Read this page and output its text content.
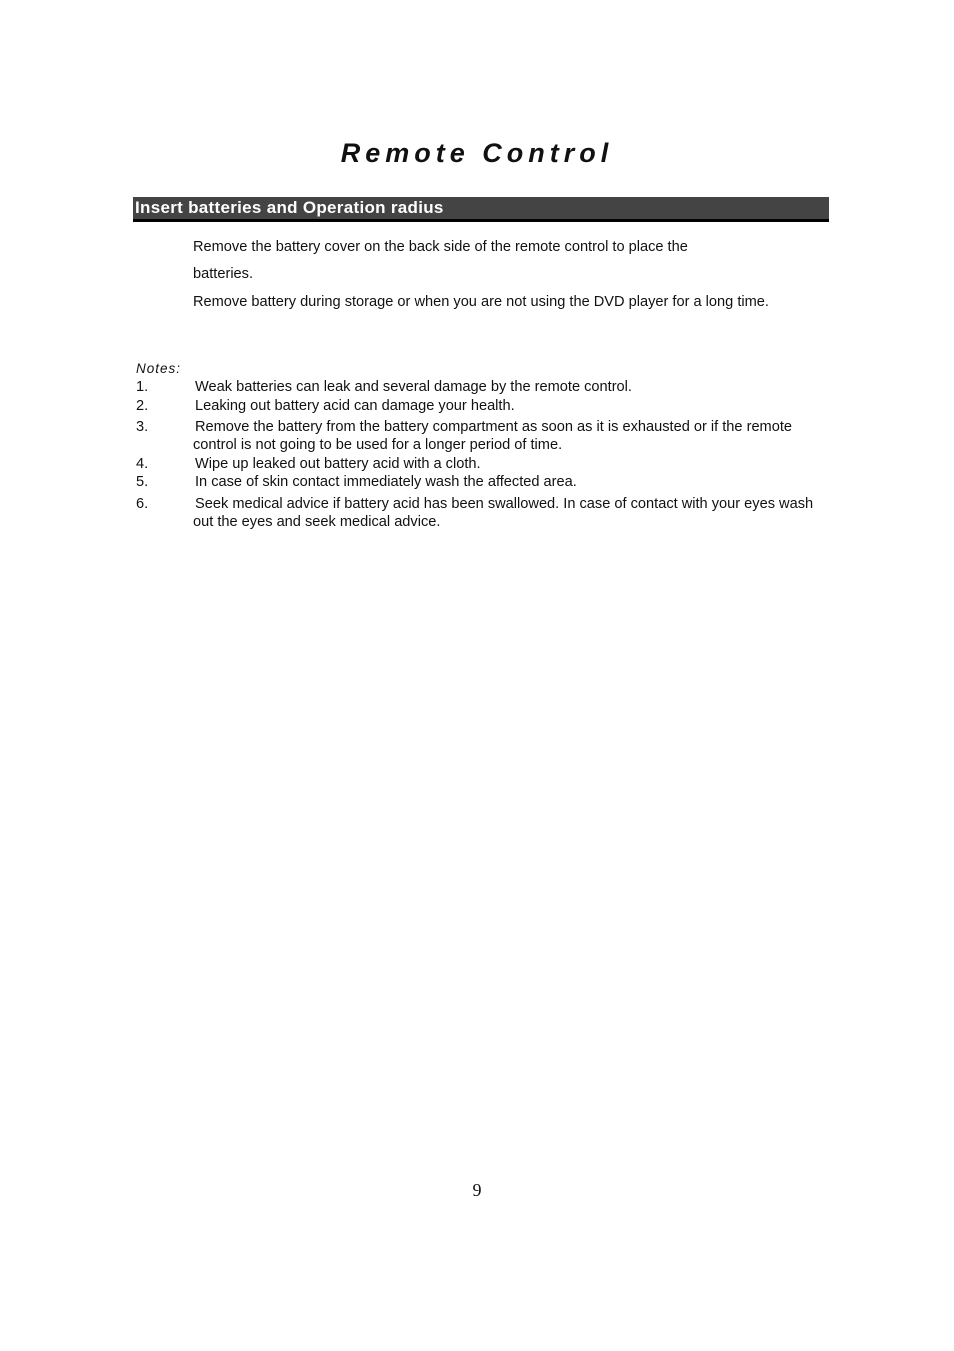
Remote Control
Insert batteries and Operation radius

Remove the battery cover on the back side of the remote control to place the
batteries.

Remove battery during storage or when you are not using the DVD player for a long time.

Notes:
1.	Weak batteries can leak and several damage by the remote control.
2.	Leaking out battery acid can damage your health.
3.	Remove the battery from the battery compartment as soon as it is exhausted or if the remote control is not going to be used for a longer period of time.
4.	Wipe up leaked out battery acid with a cloth.
5.	In case of skin contact immediately wash the affected area.
6.	Seek medical advice if battery acid has been swallowed. In case of contact with your eyes wash out the eyes and seek medical advice.
9
